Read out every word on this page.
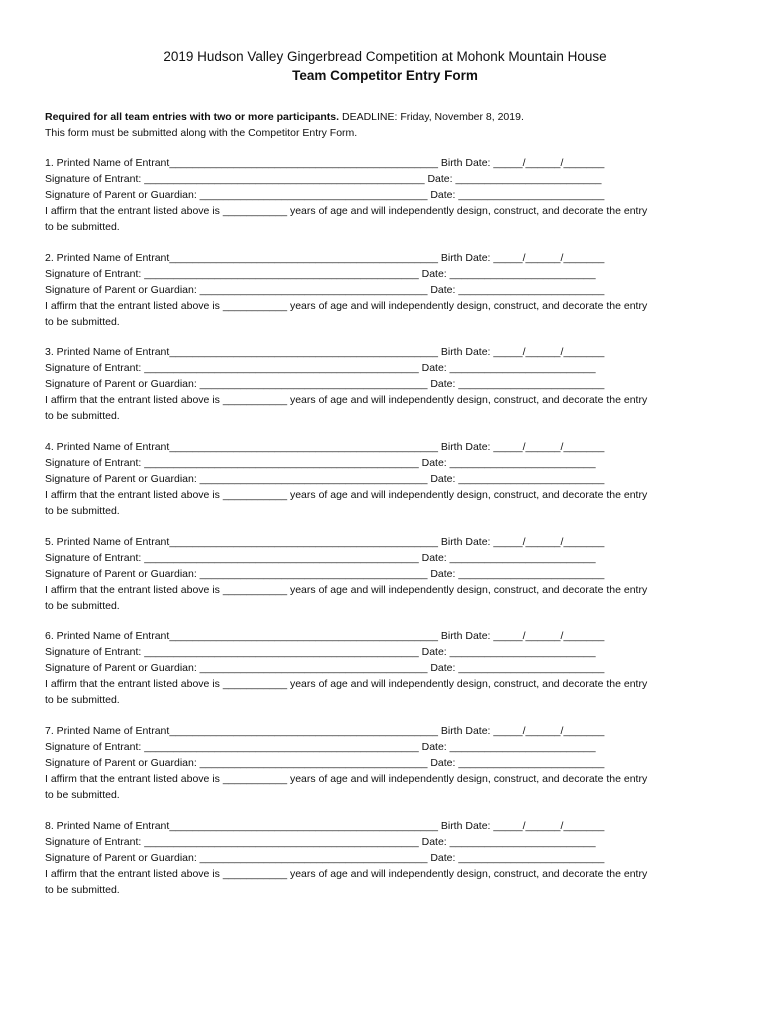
2019 Hudson Valley Gingerbread Competition at Mohonk Mountain House
Team Competitor Entry Form
Required for all team entries with two or more participants. DEADLINE: Friday, November 8, 2019.
This form must be submitted along with the Competitor Entry Form.
1. Printed Name of Entrant______________________________________________ Birth Date: _____/______/_______
Signature of Entrant: ________________________________________________ Date: _________________________
Signature of Parent or Guardian: _______________________________________ Date: _________________________
I affirm that the entrant listed above is ___________ years of age and will independently design, construct, and decorate the entry
to be submitted.
2. Printed Name of Entrant______________________________________________ Birth Date: _____/______/_______
Signature of Entrant: _______________________________________________ Date: _________________________
Signature of Parent or Guardian: _______________________________________ Date: _________________________
I affirm that the entrant listed above is ___________ years of age and will independently design, construct, and decorate the entry
to be submitted.
3. Printed Name of Entrant______________________________________________ Birth Date: _____/______/_______
Signature of Entrant: _______________________________________________ Date: _________________________
Signature of Parent or Guardian: _______________________________________ Date: _________________________
I affirm that the entrant listed above is ___________ years of age and will independently design, construct, and decorate the entry
to be submitted.
4. Printed Name of Entrant______________________________________________ Birth Date: _____/______/_______
Signature of Entrant: _______________________________________________ Date: _________________________
Signature of Parent or Guardian: _______________________________________ Date: _________________________
I affirm that the entrant listed above is ___________ years of age and will independently design, construct, and decorate the entry
to be submitted.
5. Printed Name of Entrant______________________________________________ Birth Date: _____/______/_______
Signature of Entrant: _______________________________________________ Date: _________________________
Signature of Parent or Guardian: _______________________________________ Date: _________________________
I affirm that the entrant listed above is ___________ years of age and will independently design, construct, and decorate the entry
to be submitted.
6. Printed Name of Entrant______________________________________________ Birth Date: _____/______/_______
Signature of Entrant: _______________________________________________ Date: _________________________
Signature of Parent or Guardian: _______________________________________ Date: _________________________
I affirm that the entrant listed above is ___________ years of age and will independently design, construct, and decorate the entry
to be submitted.
7. Printed Name of Entrant______________________________________________ Birth Date: _____/______/_______
Signature of Entrant: _______________________________________________ Date: _________________________
Signature of Parent or Guardian: _______________________________________ Date: _________________________
I affirm that the entrant listed above is ___________ years of age and will independently design, construct, and decorate the entry
to be submitted.
8. Printed Name of Entrant______________________________________________ Birth Date: _____/______/_______
Signature of Entrant: _______________________________________________ Date: _________________________
Signature of Parent or Guardian: _______________________________________ Date: _________________________
I affirm that the entrant listed above is ___________ years of age and will independently design, construct, and decorate the entry
to be submitted.
